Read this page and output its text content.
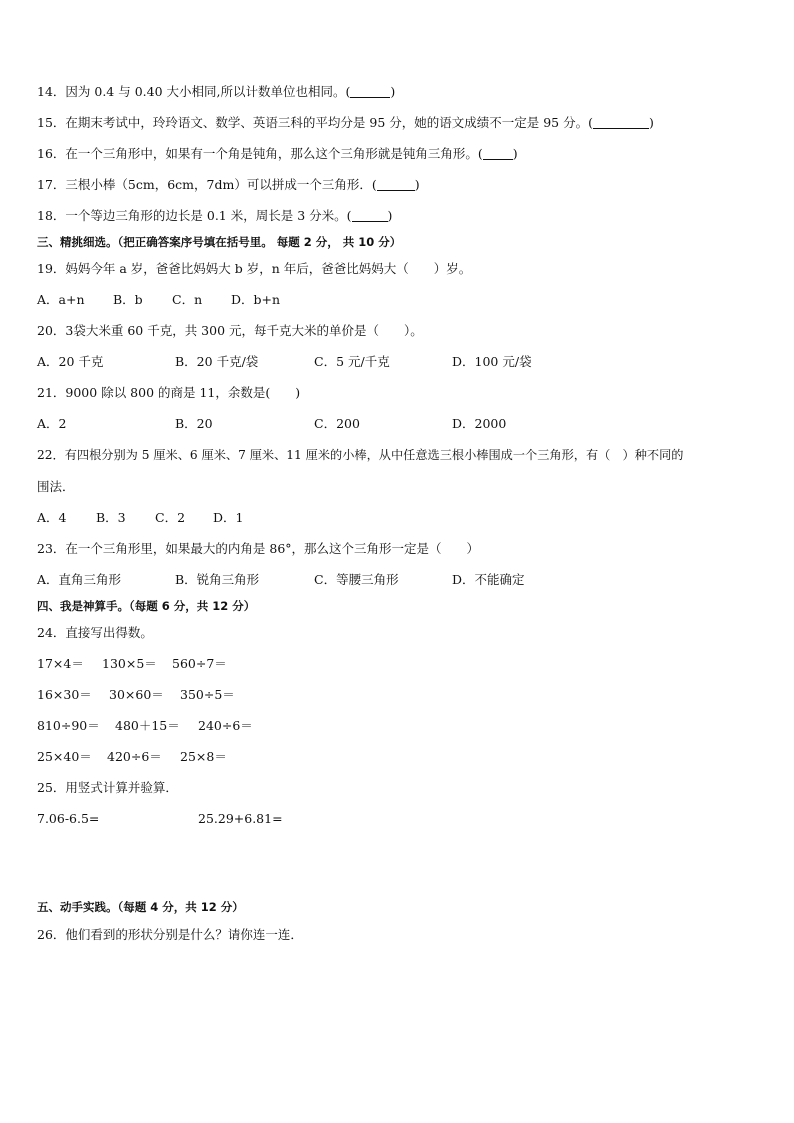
14．因为 0.4 与 0.40 大小相同,所以计数单位也相同。(	)
15．在期末考试中，玲玲语文、数学、英语三科的平均分是 95 分，她的语文成绩不一定是 95 分。(	)
16．在一个三角形中，如果有一个角是钝角，那么这个三角形就是钝角三角形。( )
17．三根小棒（5cm，6cm，7dm）可以拼成一个三角形．(	)
18．一个等边三角形的边长是 0.1 米，周长是 3 分米。(	)
三、精挑细选。（把正确答案序号填在括号里。 每题 2 分， 共 10 分）
19．妈妈今年 a 岁，爸爸比妈妈大 b 岁，n 年后，爸爸比妈妈大（　　）岁。
A．a+n B．b C．n D．b+n
20．3袋大米重 60 千克，共 300 元，每千克大米的单价是（　　）。
A．20 千克	B．20 千克/袋	C．5 元/千克	D．100 元/袋
21．9000 除以 800 的商是 11，余数是(　　)
A．2	B．20	C．200	D．2000
22．有四根分别为 5 厘米、6 厘米、7 厘米、11 厘米的小棒，从中任意选三根小棒围成一个三角形，有（　）种不同的
围法．
A．4 B．3 C．2 D．1
23．在一个三角形里，如果最大的内角是 86°，那么这个三角形一定是（　　）
A．直角三角形	B．锐角三角形	C．等腰三角形	D．不能确定
四、我是神算手。（每题 6 分，共 12 分）
24．直接写出得数。
17×4＝ 130×5＝ 560÷7＝
16×30＝ 30×60＝ 350÷5＝
810÷90＝ 480＋15＝ 240÷6＝
25×40＝ 420÷6＝ 25×8＝
25．用竖式计算并验算．
7.06-6.5=	25.29+6.81=
五、动手实践。（每题 4 分，共 12 分）
26．他们看到的形状分别是什么？请你连一连．
